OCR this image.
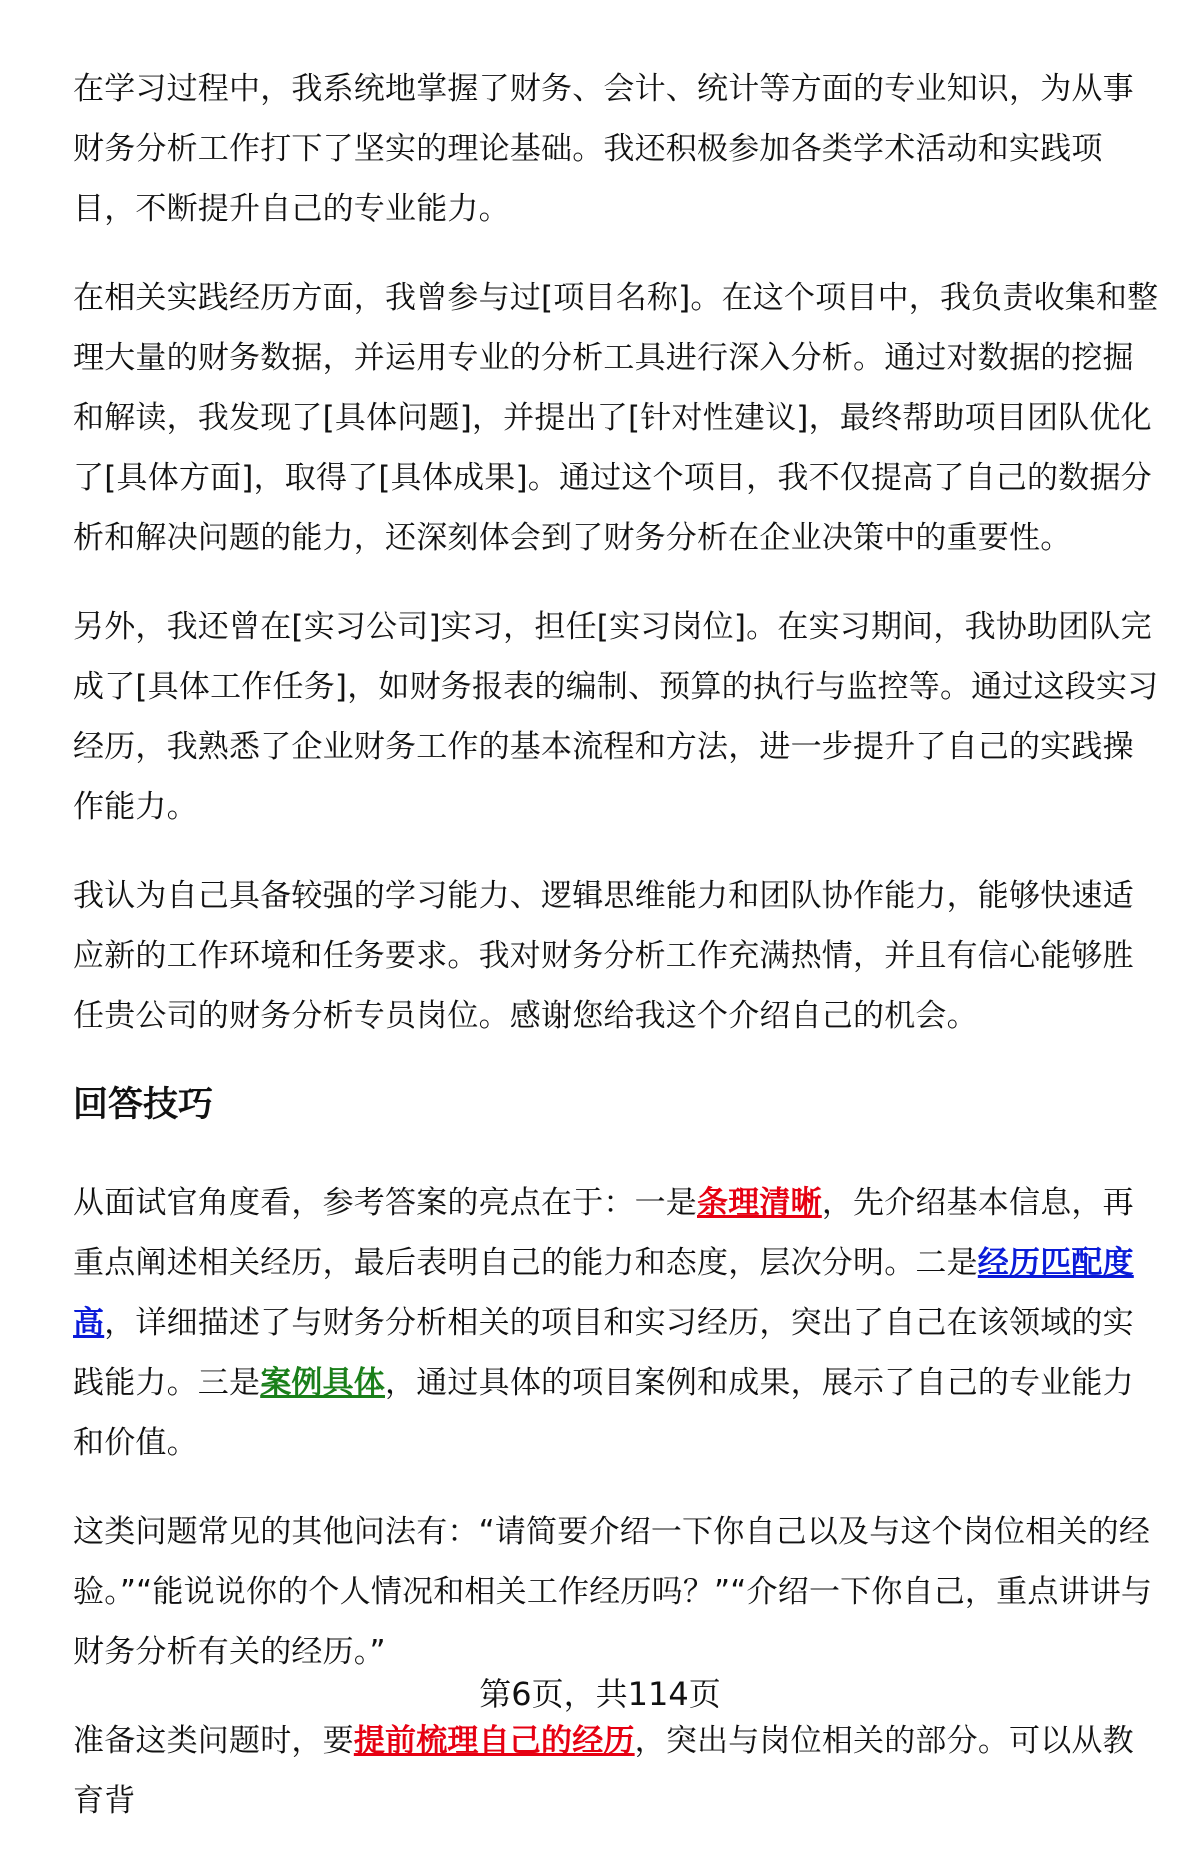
在学习过程中，我系统地掌握了财务、会计、统计等方面的专业知识，为从事财务分析工作打下了坚实的理论基础。我还积极参加各类学术活动和实践项目，不断提升自己的专业能力。

在相关实践经历方面，我曾参与过[项目名称]。在这个项目中，我负责收集和整理大量的财务数据，并运用专业的分析工具进行深入分析。通过对数据的挖掘和解读，我发现了[具体问题]，并提出了[针对性建议]，最终帮助项目团队优化了[具体方面]，取得了[具体成果]。通过这个项目，我不仅提高了自己的数据分析和解决问题的能力，还深刻体会到了财务分析在企业决策中的重要性。

另外，我还曾在[实习公司]实习，担任[实习岗位]。在实习期间，我协助团队完成了[具体工作任务]，如财务报表的编制、预算的执行与监控等。通过这段实习经历，我熟悉了企业财务工作的基本流程和方法，进一步提升了自己的实践操作能力。

我认为自己具备较强的学习能力、逻辑思维能力和团队协作能力，能够快速适应新的工作环境和任务要求。我对财务分析工作充满热情，并且有信心能够胜任贵公司的财务分析专员岗位。感谢您给我这个介绍自己的机会。

回答技巧

从面试官角度看，参考答案的亮点在于：一是条理清晰，先介绍基本信息，再重点阐述相关经历，最后表明自己的能力和态度，层次分明。二是经历匹配度高，详细描述了与财务分析相关的项目和实习经历，突出了自己在该领域的实践能力。三是案例具体，通过具体的项目案例和成果，展示了自己的专业能力和价值。

这类问题常见的其他问法有：“请简要介绍一下你自己以及与这个岗位相关的经验。”“能说说你的个人情况和相关工作经历吗？”“介绍一下你自己，重点讲讲与财务分析有关的经历。”

准备这类问题时，要提前梳理自己的经历，突出与岗位相关的部分。可以从教育背

第6页，共114页
